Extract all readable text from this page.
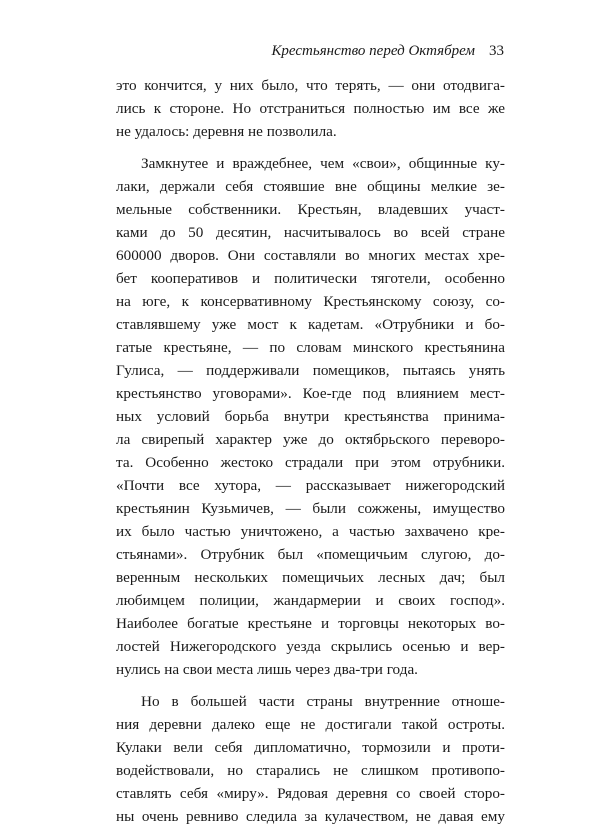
Крестьянство перед Октябрем 33
это кончится, у них было, что терять, — они отодвига-
лись к стороне. Но отстраниться полностью им все же
не удалось: деревня не позволила.
Замкнутее и враждебнее, чем «свои», общинные ку-
лаки, держали себя стоявшие вне общины мелкие зе-
мельные собственники. Крестьян, владевших участ-
ками до 50 десятин, насчитывалось во всей стране
600000 дворов. Они составляли во многих местах хре-
бет кооперативов и политически тяготели, особенно
на юге, к консервативному Крестьянскому союзу, со-
ставлявшему уже мост к кадетам. «Отрубники и бо-
гатые крестьяне, — по словам минского крестьянина
Гулиса, — поддерживали помещиков, пытаясь унять
крестьянство уговорами». Кое-где под влиянием мест-
ных условий борьба внутри крестьянства принима-
ла свирепый характер уже до октябрьского переворо-
та. Особенно жестоко страдали при этом отрубники.
«Почти все хутора, — рассказывает нижегородский
крестьянин Кузьмичев, — были сожжены, имущество
их было частью уничтожено, а частью захвачено кре-
стьянами». Отрубник был «помещичьим слугою, до-
веренным нескольких помещичьих лесных дач; был
любимцем полиции, жандармерии и своих господ».
Наиболее богатые крестьяне и торговцы некоторых во-
лостей Нижегородского уезда скрылись осенью и вер-
нулись на свои места лишь через два-три года.
Но в большей части страны внутренние отноше-
ния деревни далеко еще не достигали такой остроты.
Кулаки вели себя дипломатично, тормозили и проти-
водействовали, но старались не слишком противопо-
ставлять себя «миру». Рядовая деревня со своей сторо-
ны очень ревниво следила за кулачеством, не давая ему
